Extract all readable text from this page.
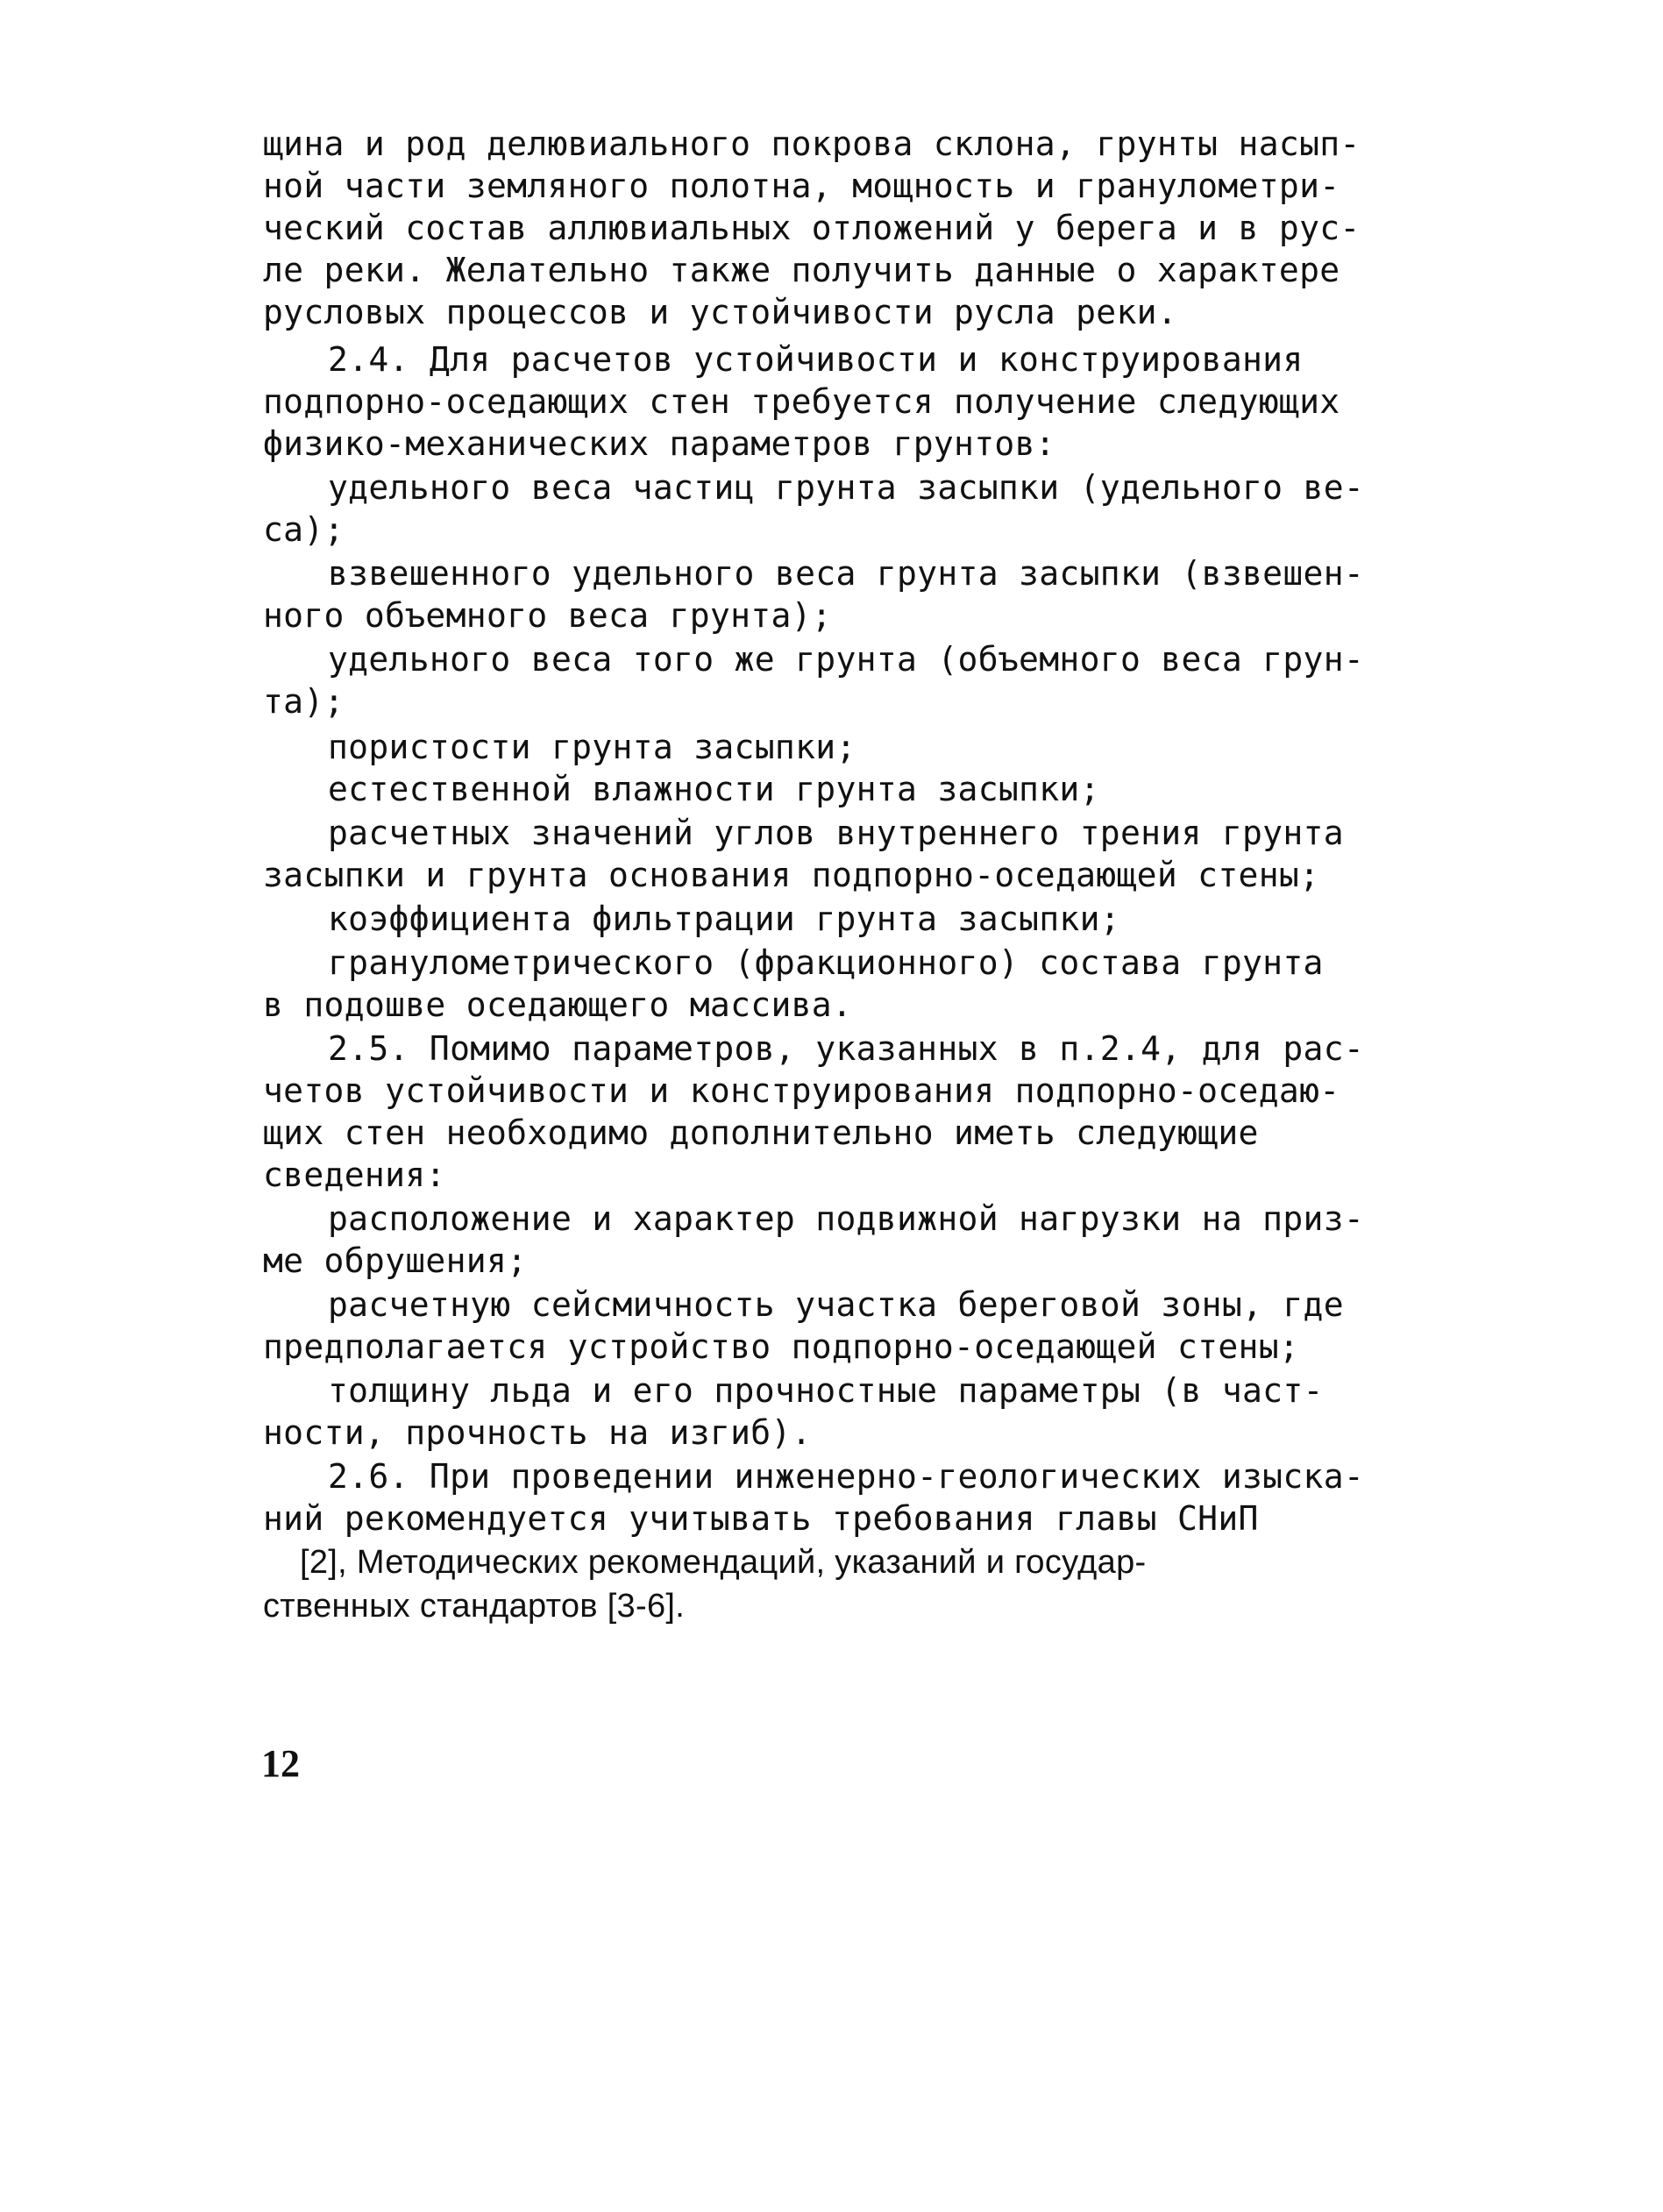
щина и род делювиального покрова склона, грунты насып-
ной части земляного полотна, мощность и гранулометри-
ческий состав аллювиальных отложений у берега и в рус-
ле реки. Желательно также получить данные о характере
русловых процессов и устойчивости русла реки.
2.4. Для расчетов устойчивости и конструирования
подпорно-оседающих стен требуется получение следующих
физико-механических параметров грунтов:
удельного веса частиц грунта засыпки (удельного ве-
са);
взвешенного удельного веса грунта засыпки (взвешен-
ного объемного веса грунта);
удельного веса того же грунта (объемного веса грун-
та);
пористости грунта засыпки;
естественной влажности грунта засыпки;
расчетных значений углов внутреннего трения грунта
засыпки и грунта основания подпорно-оседающей стены;
коэффициента фильтрации грунта засыпки;
гранулометрического (фракционного) состава грунта
в подошве оседающего массива.
2.5. Помимо параметров, указанных в п.2.4, для рас-
четов устойчивости и конструирования подпорно-оседаю-
щих стен необходимо дополнительно иметь следующие
сведения:
расположение и характер подвижной нагрузки на приз-
ме обрушения;
расчетную сейсмичность участка береговой зоны, где
предполагается устройство подпорно-оседающей стены;
толщину льда и его прочностные параметры (в част-
ности, прочность на изгиб).
2.6. При проведении инженерно-геологических изыска-
ний рекомендуется учитывать требования главы СНиП
[2], Методических рекомендаций, указаний и государ-
ственных стандартов [3-6].
12
